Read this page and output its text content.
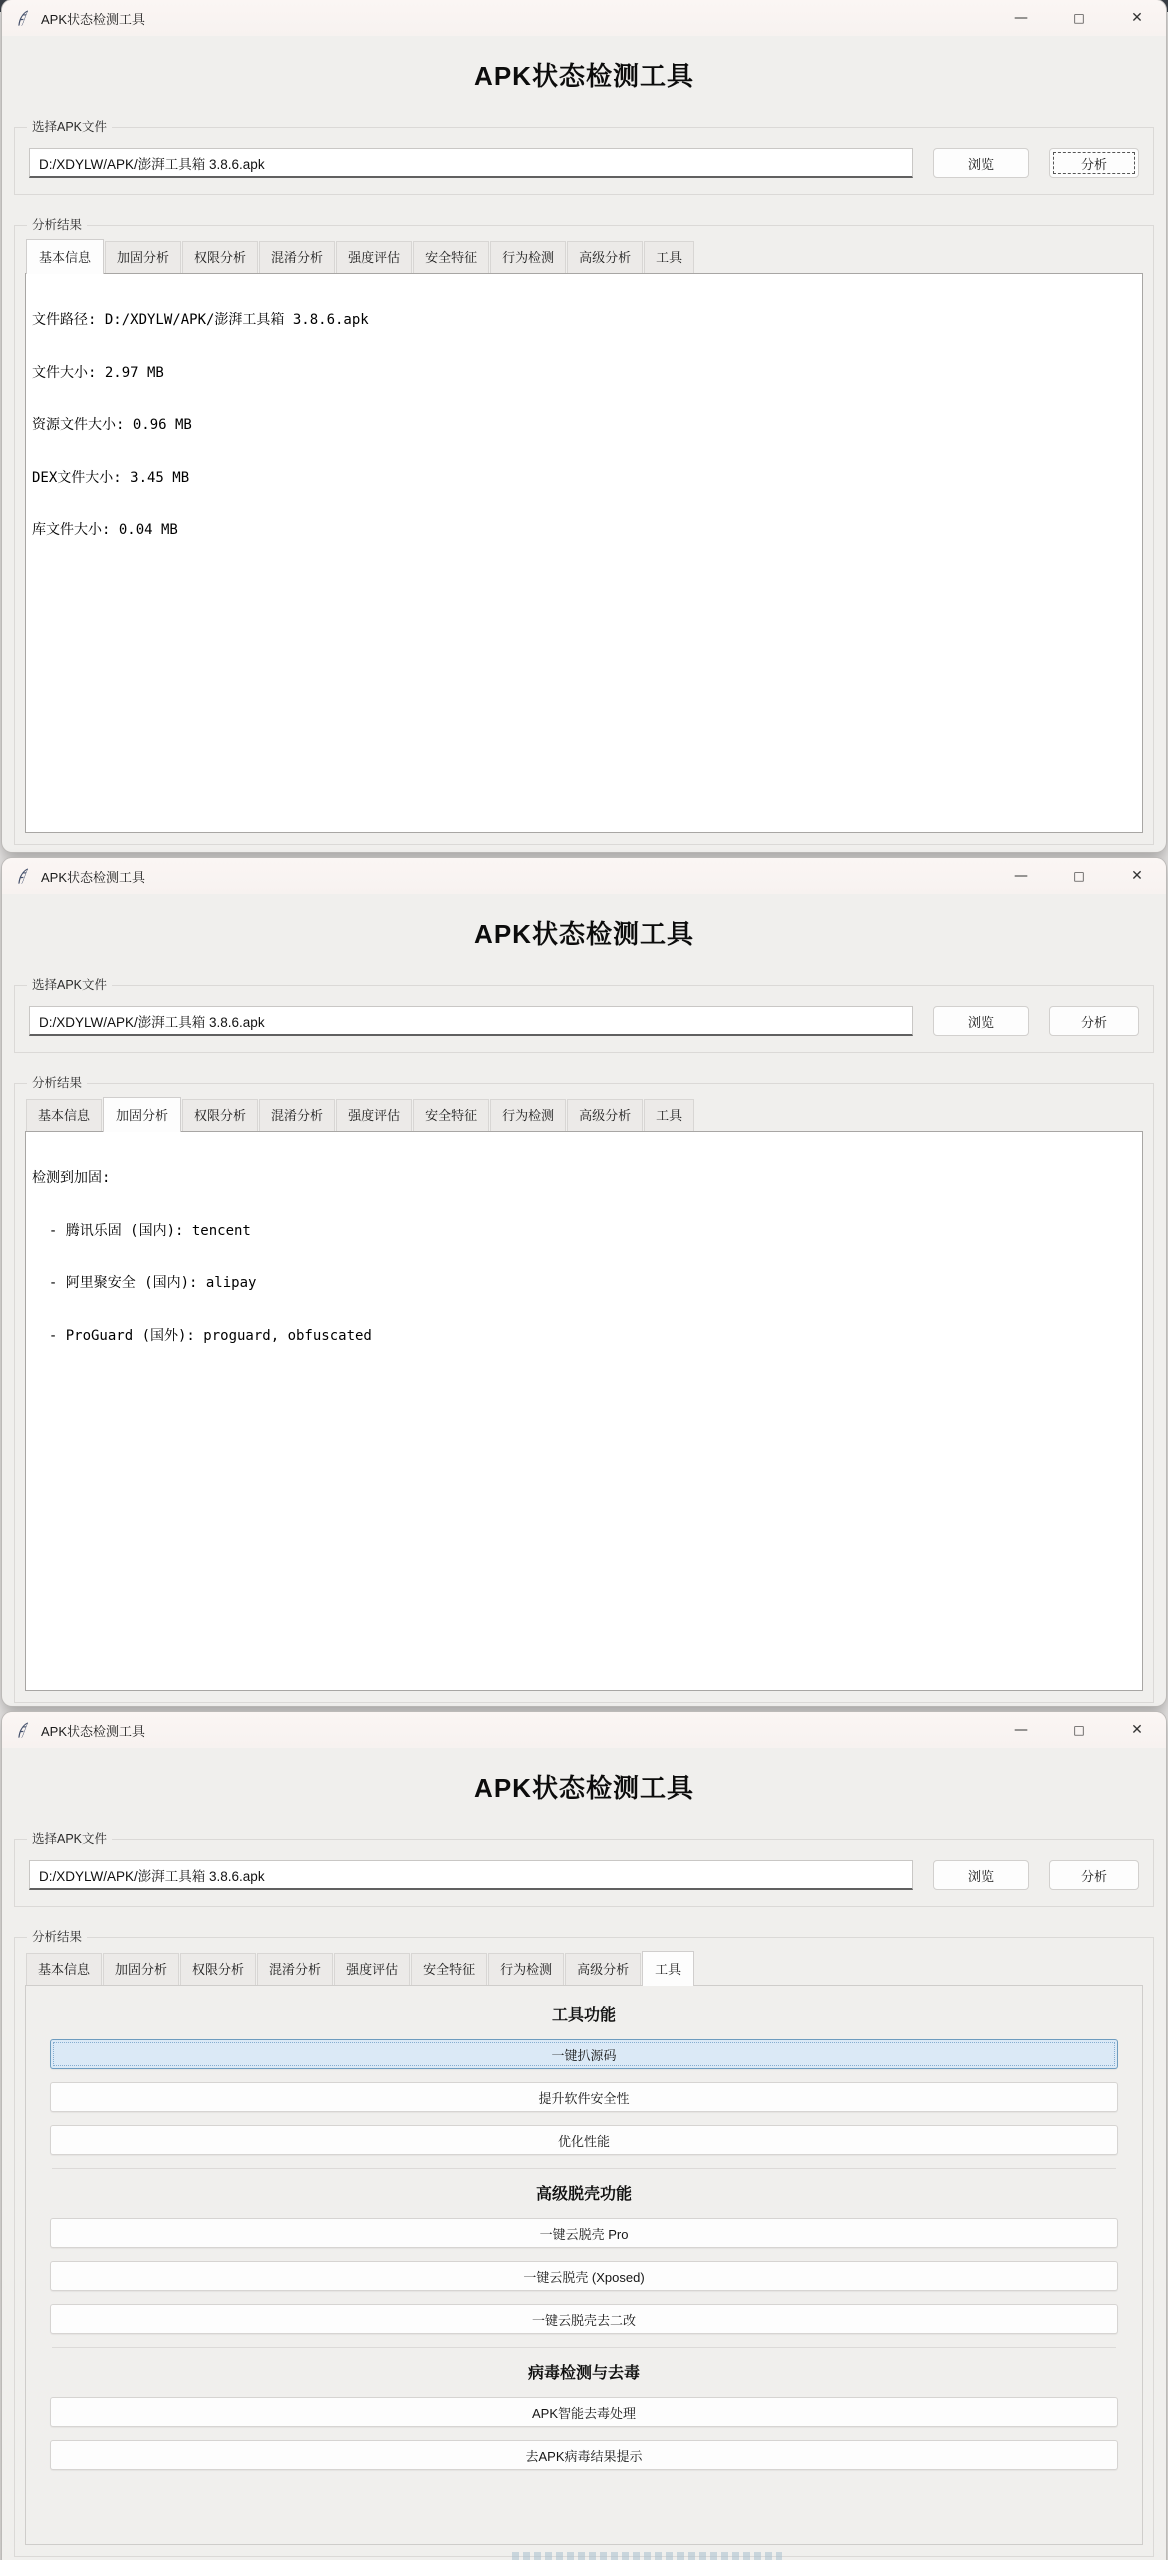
APK状态检测工具	—	□	✕
APK状态检测工具
选择APK文件
D:/XDYLW/APK/澎湃工具箱 3.8.6.apk
浏览	分析
分析结果
基本信息	加固分析	权限分析	混淆分析	强度评估	安全特征	行为检测	高级分析	工具

文件路径: D:/XDYLW/APK/澎湃工具箱 3.8.6.apk

文件大小: 2.97 MB

资源文件大小: 0.96 MB

DEX文件大小: 3.45 MB

库文件大小: 0.04 MB

APK状态检测工具	—	□	✕
APK状态检测工具
选择APK文件
D:/XDYLW/APK/澎湃工具箱 3.8.6.apk
浏览	分析
分析结果
基本信息	加固分析	权限分析	混淆分析	强度评估	安全特征	行为检测	高级分析	工具

检测到加固:

- 腾讯乐固 (国内): tencent

- 阿里聚安全 (国内): alipay

- ProGuard (国外): proguard, obfuscated

APK状态检测工具	—	□	✕
APK状态检测工具
选择APK文件
D:/XDYLW/APK/澎湃工具箱 3.8.6.apk
浏览	分析
分析结果
基本信息	加固分析	权限分析	混淆分析	强度评估	安全特征	行为检测	高级分析	工具
工具功能
一键扒源码
提升软件安全性
优化性能
高级脱壳功能
一键云脱壳 Pro
一键云脱壳 (Xposed)
一键云脱壳去二改
病毒检测与去毒
APK智能去毒处理
去APK病毒结果提示
